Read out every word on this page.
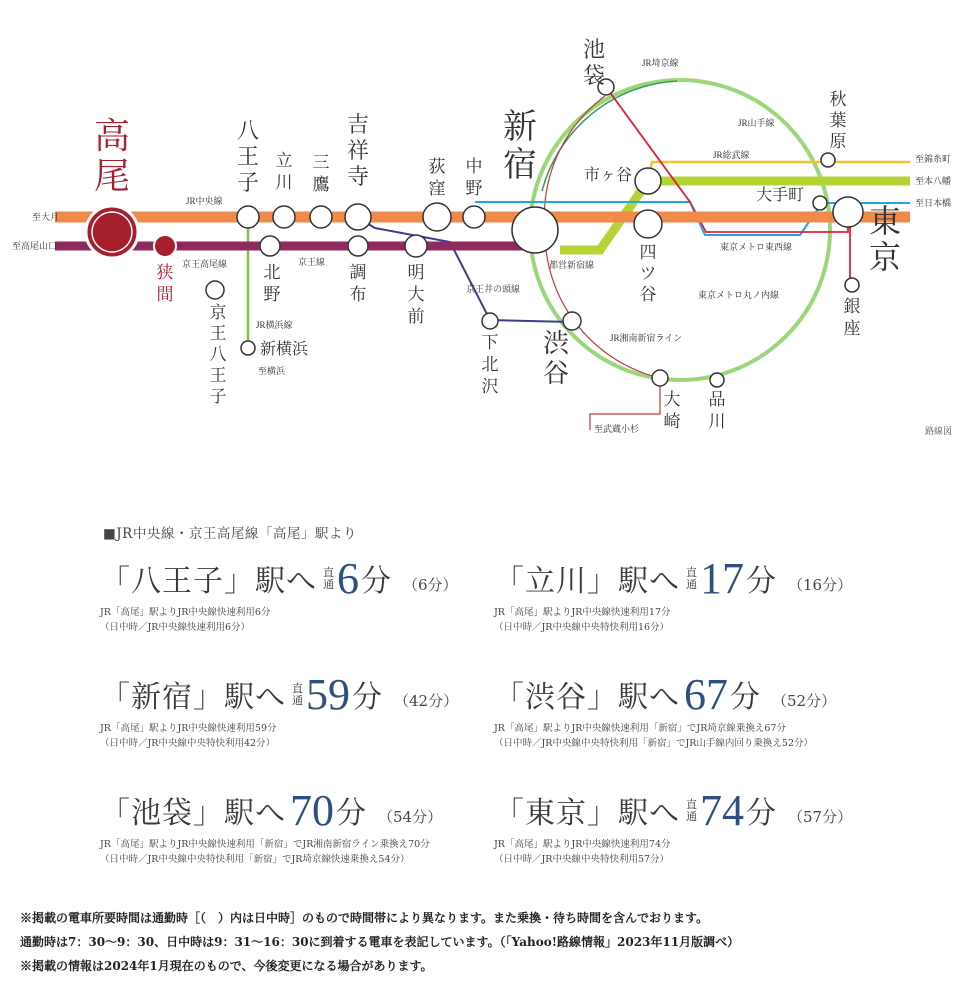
高尾
狭間
八王子
立川
三鷹
吉祥寺	荻窪
中野
新宿
北野
京王八王子
調布
明大前
下北沢
渋谷
池袋
秋葉原
四ツ谷
銀座
大崎
品川
東京
市ヶ谷
大手町
新横浜
JR中央線
京王高尾線	京王線
JR横浜線
京王井の頭線
JR埼京線
JR山手線
JR総武線
東京メトロ東西線
都営新宿線
東京メトロ丸ノ内線
JR湘南新宿ライン
至大月
至高尾山口
至横浜
至錦糸町
至本八幡
至日本橋
至武蔵小杉	路線図
■JR中央線・京王高尾線「高尾」駅より
「八王子」駅へ 直
通 6 分 （6分）
JR「高尾」駅よりJR中央線快速利用6分
（日中時／JR中央線快速利用6分）
「立川」駅へ 直
通 17 分 （16分）
JR「高尾」駅よりJR中央線快速利用17分
（日中時／JR中央線中央特快利用16分）
「新宿」駅へ 直
通 59 分 （42分）
JR「高尾」駅よりJR中央線快速利用59分
（日中時／JR中央線中央特快利用42分）
「渋谷」駅へ 67 分 （52分）
JR「高尾」駅よりJR中央線快速利用「新宿」でJR埼京線乗換え67分
（日中時／JR中央線中央特快利用「新宿」でJR山手線内回り乗換え52分）
「池袋」駅へ 70 分 （54分）
JR「高尾」駅よりJR中央線快速利用「新宿」でJR湘南新宿ライン乗換え70分
（日中時／JR中央線中央特快利用「新宿」でJR埼京線快速乗換え54分）
「東京」駅へ 直
通 74 分 （57分）
JR「高尾」駅よりJR中央線快速利用74分
（日中時／JR中央線中央特快利用57分）
※掲載の電車所要時間は通勤時［（　）内は日中時］のもので時間帯により異なります。また乗換・待ち時間を含んでおります。
通勤時は7：30～9：30、日中時は9：31～16：30に到着する電車を表記しています。（「Yahoo!路線情報」2023年11月版調べ）
※掲載の情報は2024年1月現在のもので、今後変更になる場合があります。
